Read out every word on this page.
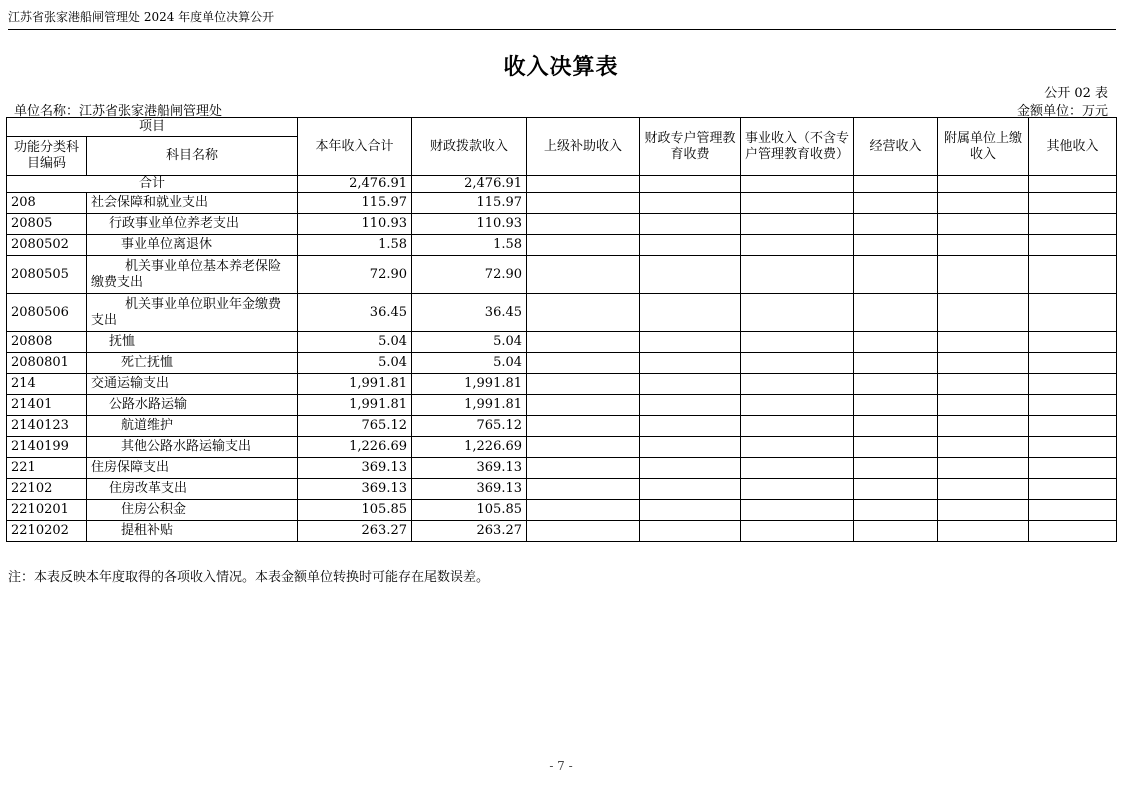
江苏省张家港船闸管理处 2024 年度单位决算公开
收入决算表
公开 02 表
单位名称：江苏省张家港船闸管理处	金额单位：万元
项目		本年收入合计	财政拨款收入	上级补助收入	财政专户管理教育收费	事业收入（不含专户管理教育收费）	经营收入	附属单位上缴收入	其他收入
功能分类科目编码	科目名称								
合计		2,476.91	2,476.91						
208	社会保障和就业支出	115.97	115.97						
20805	行政事业单位养老支出	110.93	110.93						
2080502	事业单位离退休	1.58	1.58						
2080505	机关事业单位基本养老保险缴费支出	72.90	72.90						
2080506	机关事业单位职业年金缴费支出	36.45	36.45						
20808	抚恤	5.04	5.04						
2080801	死亡抚恤	5.04	5.04						
214	交通运输支出	1,991.81	1,991.81						
21401	公路水路运输	1,991.81	1,991.81						
2140123	航道维护	765.12	765.12						
2140199	其他公路水路运输支出	1,226.69	1,226.69						
221	住房保障支出	369.13	369.13						
22102	住房改革支出	369.13	369.13						
2210201	住房公积金	105.85	105.85						
2210202	提租补贴	263.27	263.27						
注：本表反映本年度取得的各项收入情况。本表金额单位转换时可能存在尾数误差。
- 7 -
